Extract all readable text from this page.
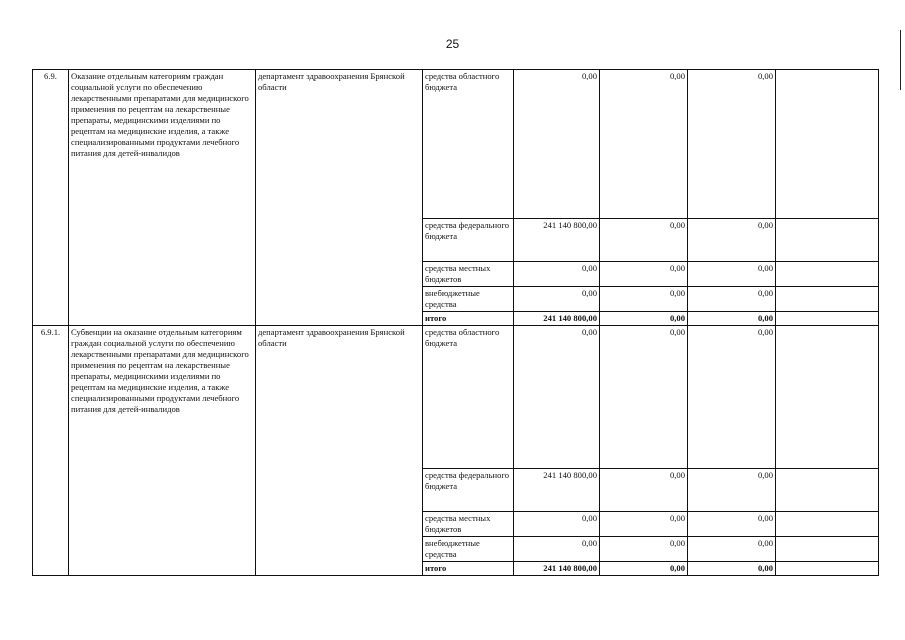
25
6.9.	Оказание отдельным категориям граждан социальной услуги по обеспечению лекарственными препаратами для медицинского применения по рецептам на лекарственные препараты, медицинскими изделиями по рецептам на медицинские изделия, а также специализированными продуктами лечебного питания для детей-инвалидов	департамент здравоохранения Брянской области	средства областного бюджета	0,00	0,00	0,00	
			средства федерального бюджета	241 140 800,00	0,00	0,00	
			средства местных бюджетов	0,00	0,00	0,00	
			внебюджетные средства	0,00	0,00	0,00	
			итого	241 140 800,00	0,00	0,00	
6.9.1.	Субвенции на оказание отдельным категориям граждан социальной услуги по обеспечению лекарственными препаратами для медицинского применения по рецептам на лекарственные препараты, медицинскими изделиями по рецептам на медицинские изделия, а также специализированными продуктами лечебного питания для детей-инвалидов	департамент здравоохранения Брянской области	средства областного бюджета	0,00	0,00	0,00	
			средства федерального бюджета	241 140 800,00	0,00	0,00	
			средства местных бюджетов	0,00	0,00	0,00	
			внебюджетные средства	0,00	0,00	0,00	
			итого	241 140 800,00	0,00	0,00	
